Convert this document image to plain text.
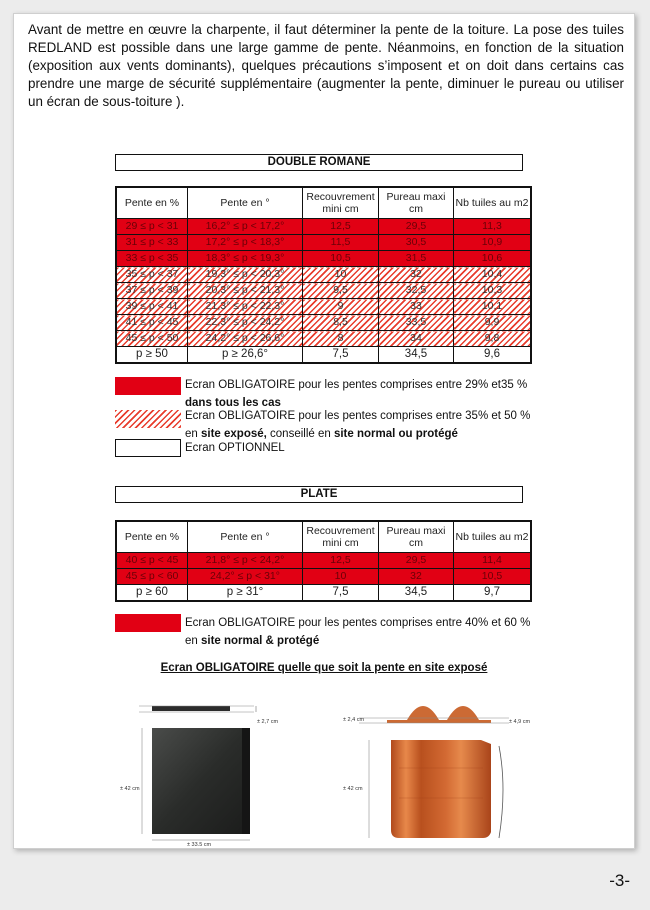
Avant de mettre en œuvre la charpente, il faut déterminer la pente de la toiture. La pose des tuiles REDLAND est possible dans une large gamme de pente. Néanmoins, en fonction de la situation (exposition aux vents dominants), quelques précautions s’imposent et on doit dans certains cas prendre une marge de sécurité supplémentaire (augmenter la pente, diminuer le pureau ou utiliser un écran de sous-toiture ).

DOUBLE ROMANE
Pente en %	Pente en °	Recouvrement mini cm	Pureau maxi cm	Nb tuiles au m2
29 ≤ p < 31	16,2° ≤ p < 17,2°	12,5	29,5	11,3
31 ≤ p < 33	17,2° ≤ p < 18,3°	11,5	30,5	10,9
33 ≤ p < 35	18,3° ≤ p < 19,3°	10,5	31,5	10,6
35 ≤ p < 37	19,3° ≤ p < 20,3°	10	32	10,4
37 ≤ p < 39	20,3° ≤ p < 21,3°	9,5	32,5	10,3
39 ≤ p < 41	21,3° ≤ p < 22,3°	9	33	10,1
41 ≤ p < 45	22,3° ≤ p < 24,2°	8,5	33,5	9,9
45 ≤ p < 50	24,2° ≤ p < 26,6°	8	34	9,8
p ≥ 50	p ≥ 26,6°	7,5	34,5	9,6

Ecran OBLIGATOIRE pour les pentes comprises entre 29% et35 %
dans tous les cas

Ecran OBLIGATOIRE pour les pentes comprises entre 35% et 50 %
en site exposé, conseillé en site normal ou protégé

Ecran OPTIONNEL

PLATE
Pente en %	Pente en °	Recouvrement mini cm	Pureau maxi cm	Nb tuiles au m2
40 ≤ p < 45	21,8° ≤ p < 24,2°	12,5	29,5	11,4
45 ≤ p < 60	24,2° ≤ p < 31°	10	32	10,5
p ≥ 60	p ≥ 31°	7,5	34,5	9,7

Ecran OBLIGATOIRE pour les pentes comprises entre 40% et 60 %
en site normal & protégé

Ecran OBLIGATOIRE quelle que soit la pente en site exposé
± 2,7 cm
± 42 cm
± 33.5 cm
± 2,4 cm	± 4,9 cm
± 42 cm
-3-
